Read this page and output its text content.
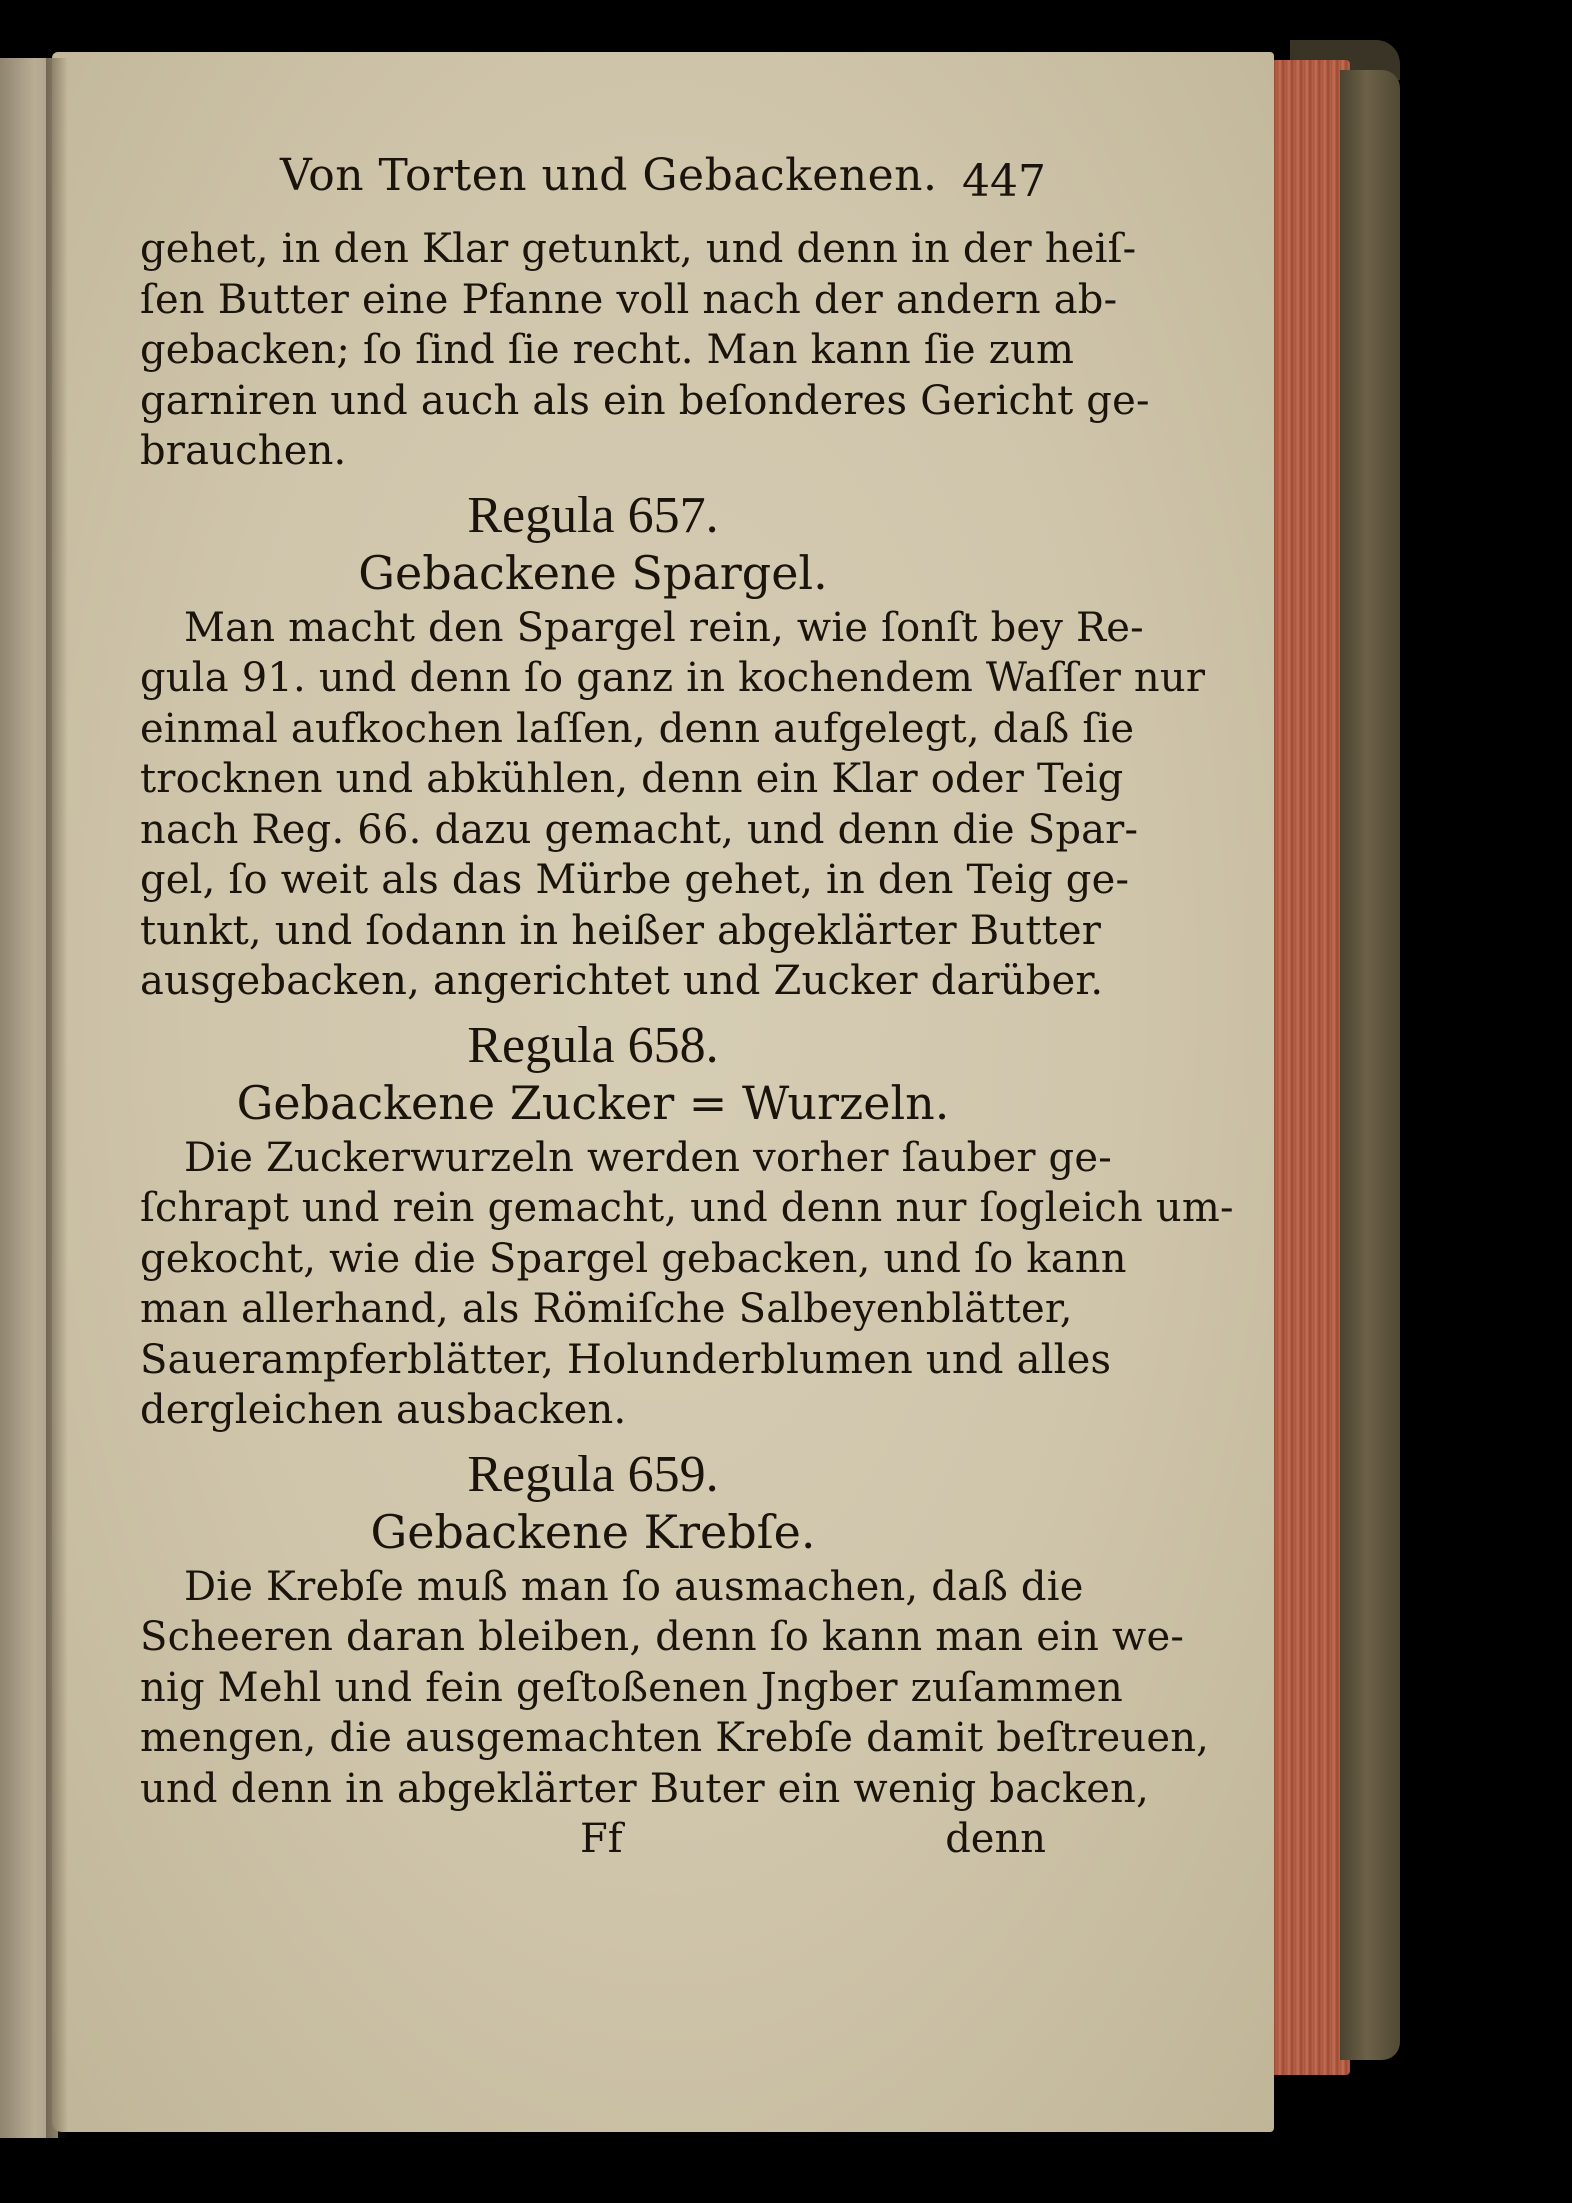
Von Torten und Gebackenen. 447
gehet, in den Klar getunkt, und denn in der heiſ-
ſen Butter eine Pfanne voll nach der andern ab-
gebacken; ſo ſind ſie recht. Man kann ſie zum
garniren und auch als ein beſonderes Gericht ge-
brauchen.
Regula 657.
Gebackene Spargel.
Man macht den Spargel rein, wie ſonſt bey Re-
gula 91. und denn ſo ganz in kochendem Waſſer nur
einmal aufkochen laſſen, denn aufgelegt, daß ſie
trocknen und abkühlen, denn ein Klar oder Teig
nach Reg. 66. dazu gemacht, und denn die Spar-
gel, ſo weit als das Mürbe gehet, in den Teig ge-
tunkt, und ſodann in heißer abgeklärter Butter
ausgebacken, angerichtet und Zucker darüber.
Regula 658.
Gebackene Zucker = Wurzeln.
Die Zuckerwurzeln werden vorher ſauber ge-
ſchrapt und rein gemacht, und denn nur ſogleich um-
gekocht, wie die Spargel gebacken, und ſo kann
man allerhand, als Römiſche Salbeyenblätter,
Sauerampferblätter, Holunderblumen und alles
dergleichen ausbacken.
Regula 659.
Gebackene Krebſe.
Die Krebſe muß man ſo ausmachen, daß die
Scheeren daran bleiben, denn ſo kann man ein we-
nig Mehl und fein geſtoßenen Jngber zuſammen
mengen, die ausgemachten Krebſe damit beſtreuen,
und denn in abgeklärter Buter ein wenig backen,
Ff	denn
